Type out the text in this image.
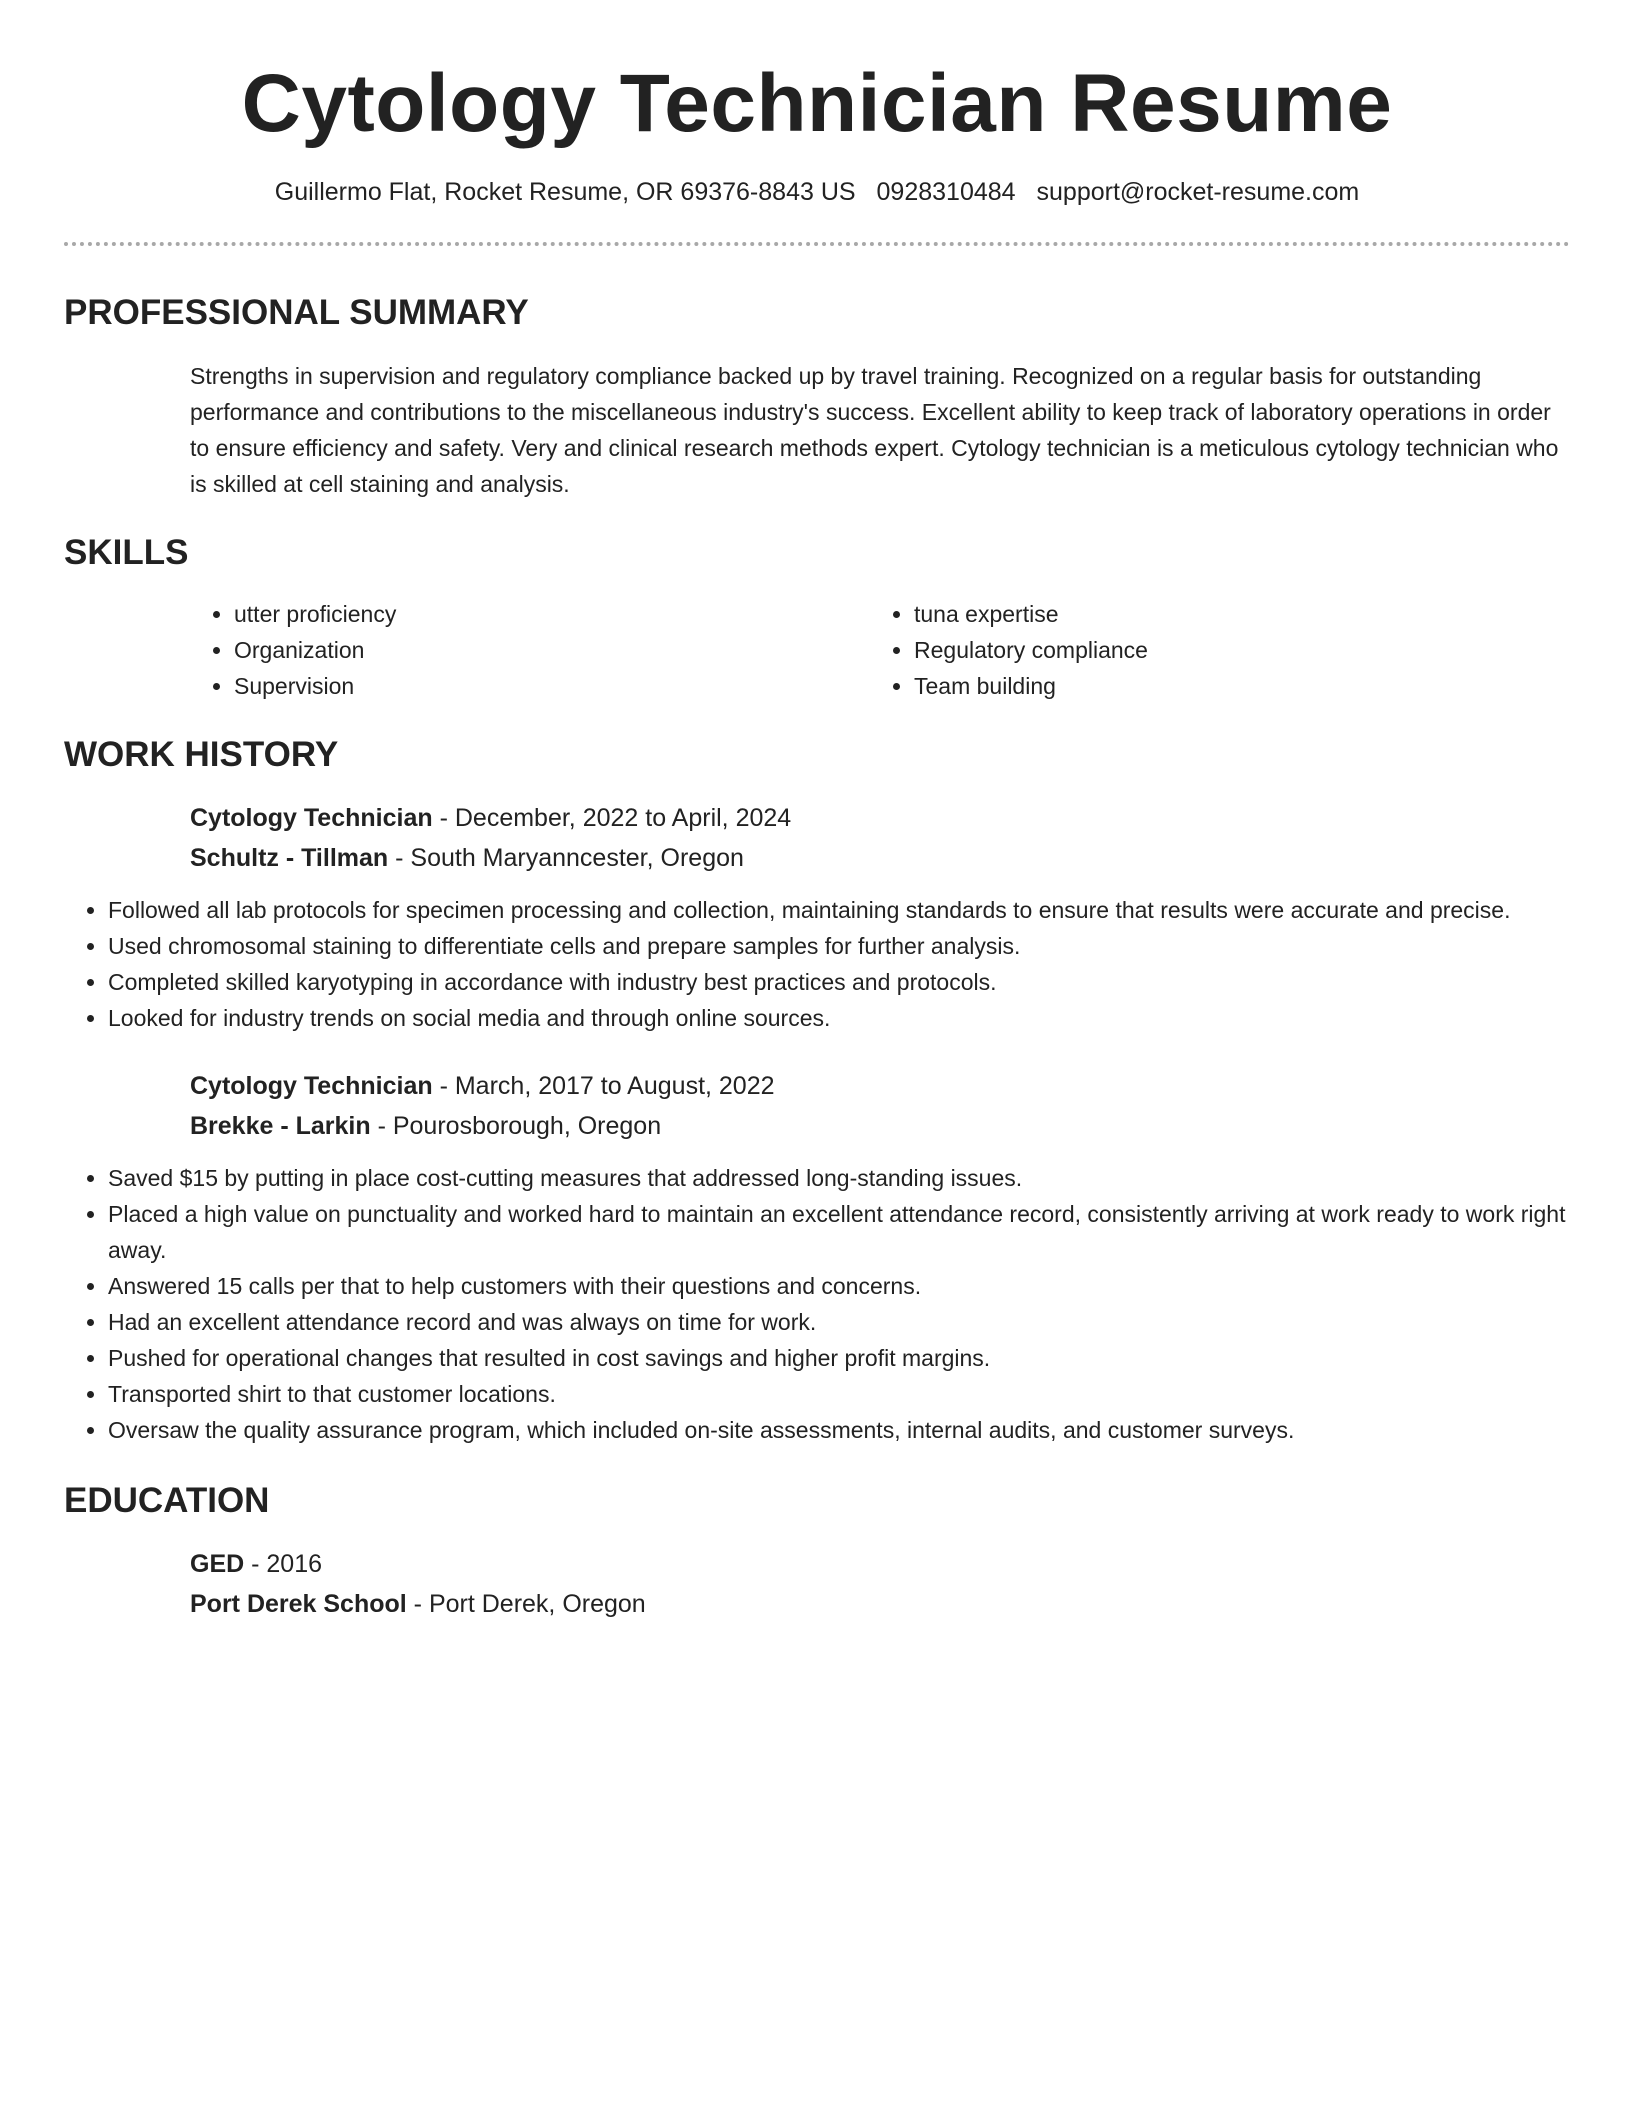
Cytology Technician Resume
Guillermo Flat, Rocket Resume, OR 69376-8843 US 0928310484 support@rocket-resume.com
PROFESSIONAL SUMMARY

Strengths in supervision and regulatory compliance backed up by travel training. Recognized on a regular basis for outstanding performance and contributions to the miscellaneous industry's success. Excellent ability to keep track of laboratory operations in order to ensure efficiency and safety. Very and clinical research methods expert. Cytology technician is a meticulous cytology technician who is skilled at cell staining and analysis.

SKILLS
• utter proficiency
• Organization
• Supervision
• tuna expertise
• Regulatory compliance
• Team building
WORK HISTORY
Cytology Technician - December, 2022 to April, 2024
Schultz - Tillman - South Maryanncester, Oregon
• Followed all lab protocols for specimen processing and collection, maintaining standards to ensure that results were accurate and precise.
• Used chromosomal staining to differentiate cells and prepare samples for further analysis.
• Completed skilled karyotyping in accordance with industry best practices and protocols.
• Looked for industry trends on social media and through online sources.
Cytology Technician - March, 2017 to August, 2022
Brekke - Larkin - Pourosborough, Oregon
• Saved $15 by putting in place cost-cutting measures that addressed long-standing issues.
• Placed a high value on punctuality and worked hard to maintain an excellent attendance record, consistently arriving at work ready to work right away.
• Answered 15 calls per that to help customers with their questions and concerns.
• Had an excellent attendance record and was always on time for work.
• Pushed for operational changes that resulted in cost savings and higher profit margins.
• Transported shirt to that customer locations.
• Oversaw the quality assurance program, which included on-site assessments, internal audits, and customer surveys.
EDUCATION
GED - 2016
Port Derek School - Port Derek, Oregon
